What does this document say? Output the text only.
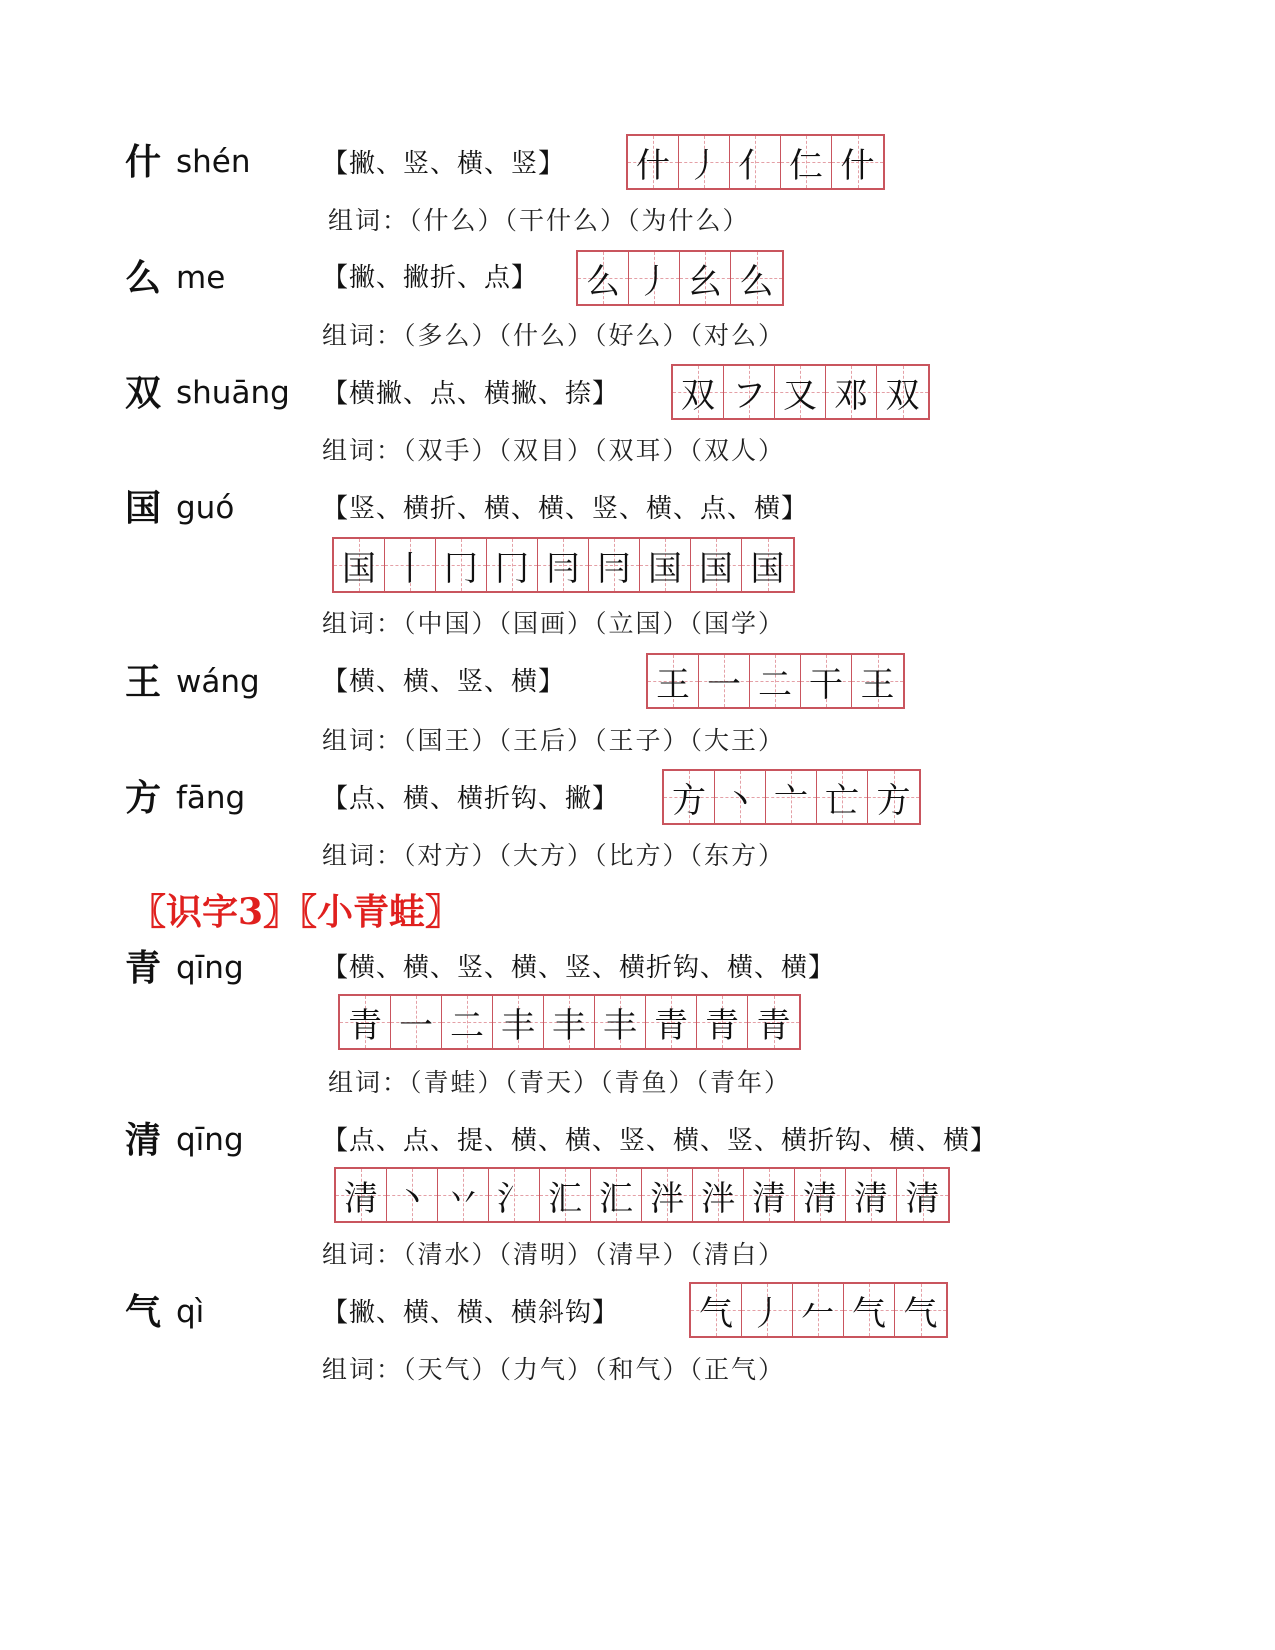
什 shén	【撇、竖、横、竖】 什 丿 亻 仁 什
组词：（什么）（干什么）（为什么）
么 me	【撇、撇折、点】 么 丿 幺 么
组词：（多么）（什么）（好么）（对么）
双 shuāng 【横撇、点、横撇、捺】 双 フ 又 邓 双
组词：（双手）（双目）（双耳）（双人）
国 guó	【竖、横折、横、横、竖、横、点、横】
国 丨 冂 冂 冃 冃 国 国 国
组词：（中国）（国画）（立国）（国学）
王 wáng 【横、横、竖、横】	王 一 二 干 王
组词：（国王）（王后）（王子）（大王）
方 fāng	【点、横、横折钩、撇】 方 丶 亠 亡 方
组词：（对方）（大方）（比方）（东方）
〖识字3〗〖小青蛙〗
青 qīng	【横、横、竖、横、竖、横折钩、横、横】
青 一 二 丰 丰 丰 青 青 青
组词：（青蛙）（青天）（青鱼）（青年）
清 qīng	【点、点、提、横、横、竖、横、竖、横折钩、横、横】
清 丶 丷 氵 汇 汇 泮 泮 清 清 清 清
组词：（清水）（清明）（清早）（清白）
气 qì	【撇、横、横、横斜钩】 气 丿 𠂉 气 气
组词：（天气）（力气）（和气）（正气）
